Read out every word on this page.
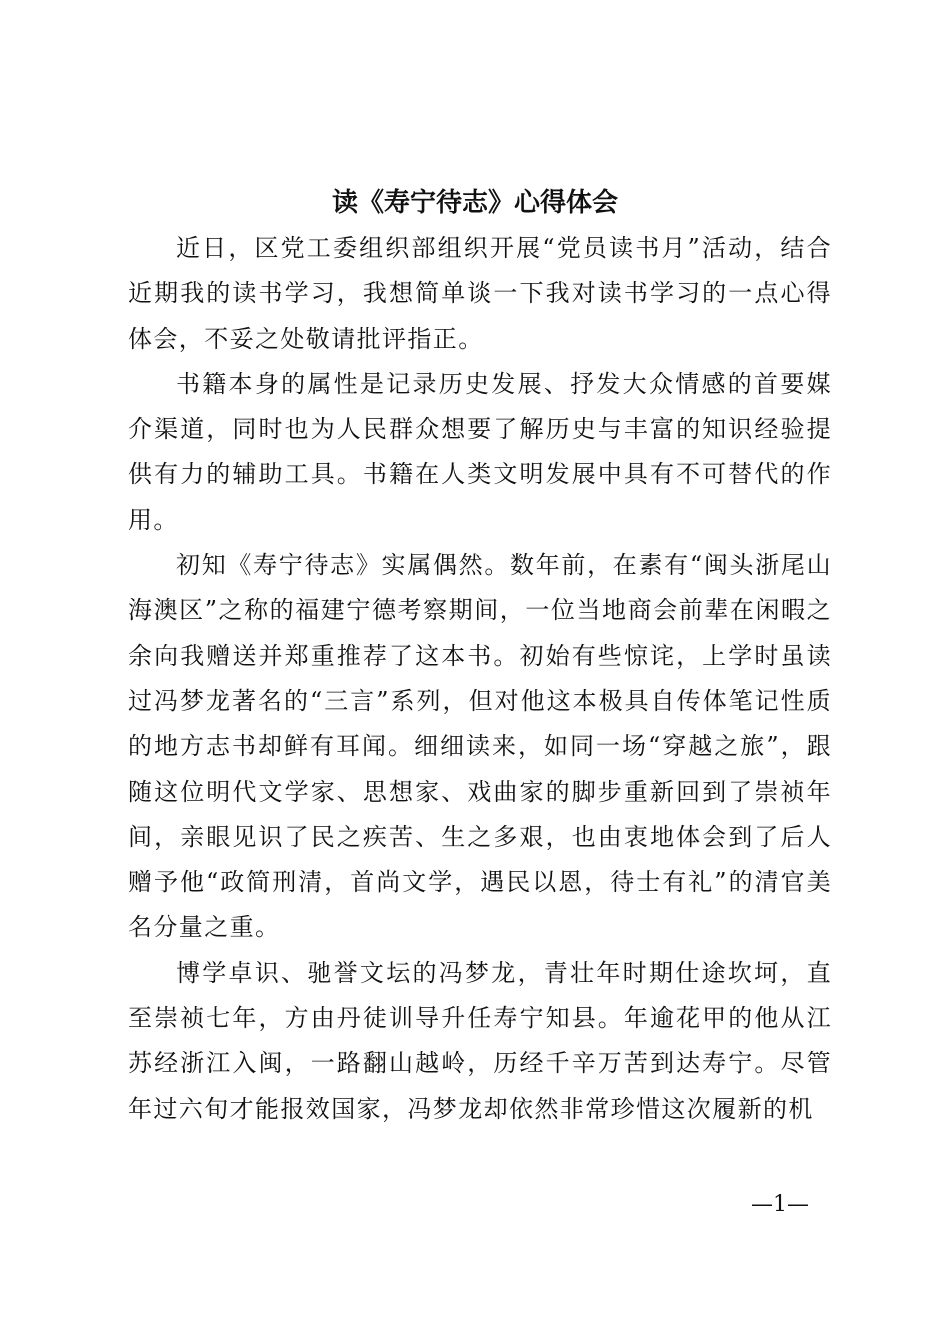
读《寿宁待志》心得体会

近日，区党工委组织部组织开展“党员读书月”活动，结合近期我的读书学习，我想简单谈一下我对读书学习的一点心得体会，不妥之处敬请批评指正。

书籍本身的属性是记录历史发展、抒发大众情感的首要媒介渠道，同时也为人民群众想要了解历史与丰富的知识经验提供有力的辅助工具。书籍在人类文明发展中具有不可替代的作用。

初知《寿宁待志》实属偶然。数年前，在素有“闽头浙尾山海澳区”之称的福建宁德考察期间，一位当地商会前辈在闲暇之余向我赠送并郑重推荐了这本书。初始有些惊诧，上学时虽读过冯梦龙著名的“三言”系列，但对他这本极具自传体笔记性质的地方志书却鲜有耳闻。细细读来，如同一场“穿越之旅”，跟随这位明代文学家、思想家、戏曲家的脚步重新回到了崇祯年间，亲眼见识了民之疾苦、生之多艰，也由衷地体会到了后人赠予他“政简刑清，首尚文学，遇民以恩，待士有礼”的清官美名分量之重。

博学卓识、驰誉文坛的冯梦龙，青壮年时期仕途坎坷，直至崇祯七年，方由丹徒训导升任寿宁知县。年逾花甲的他从江苏经浙江入闽，一路翻山越岭，历经千辛万苦到达寿宁。尽管年过六旬才能报效国家，冯梦龙却依然非常珍惜这次履新的机

—1—
